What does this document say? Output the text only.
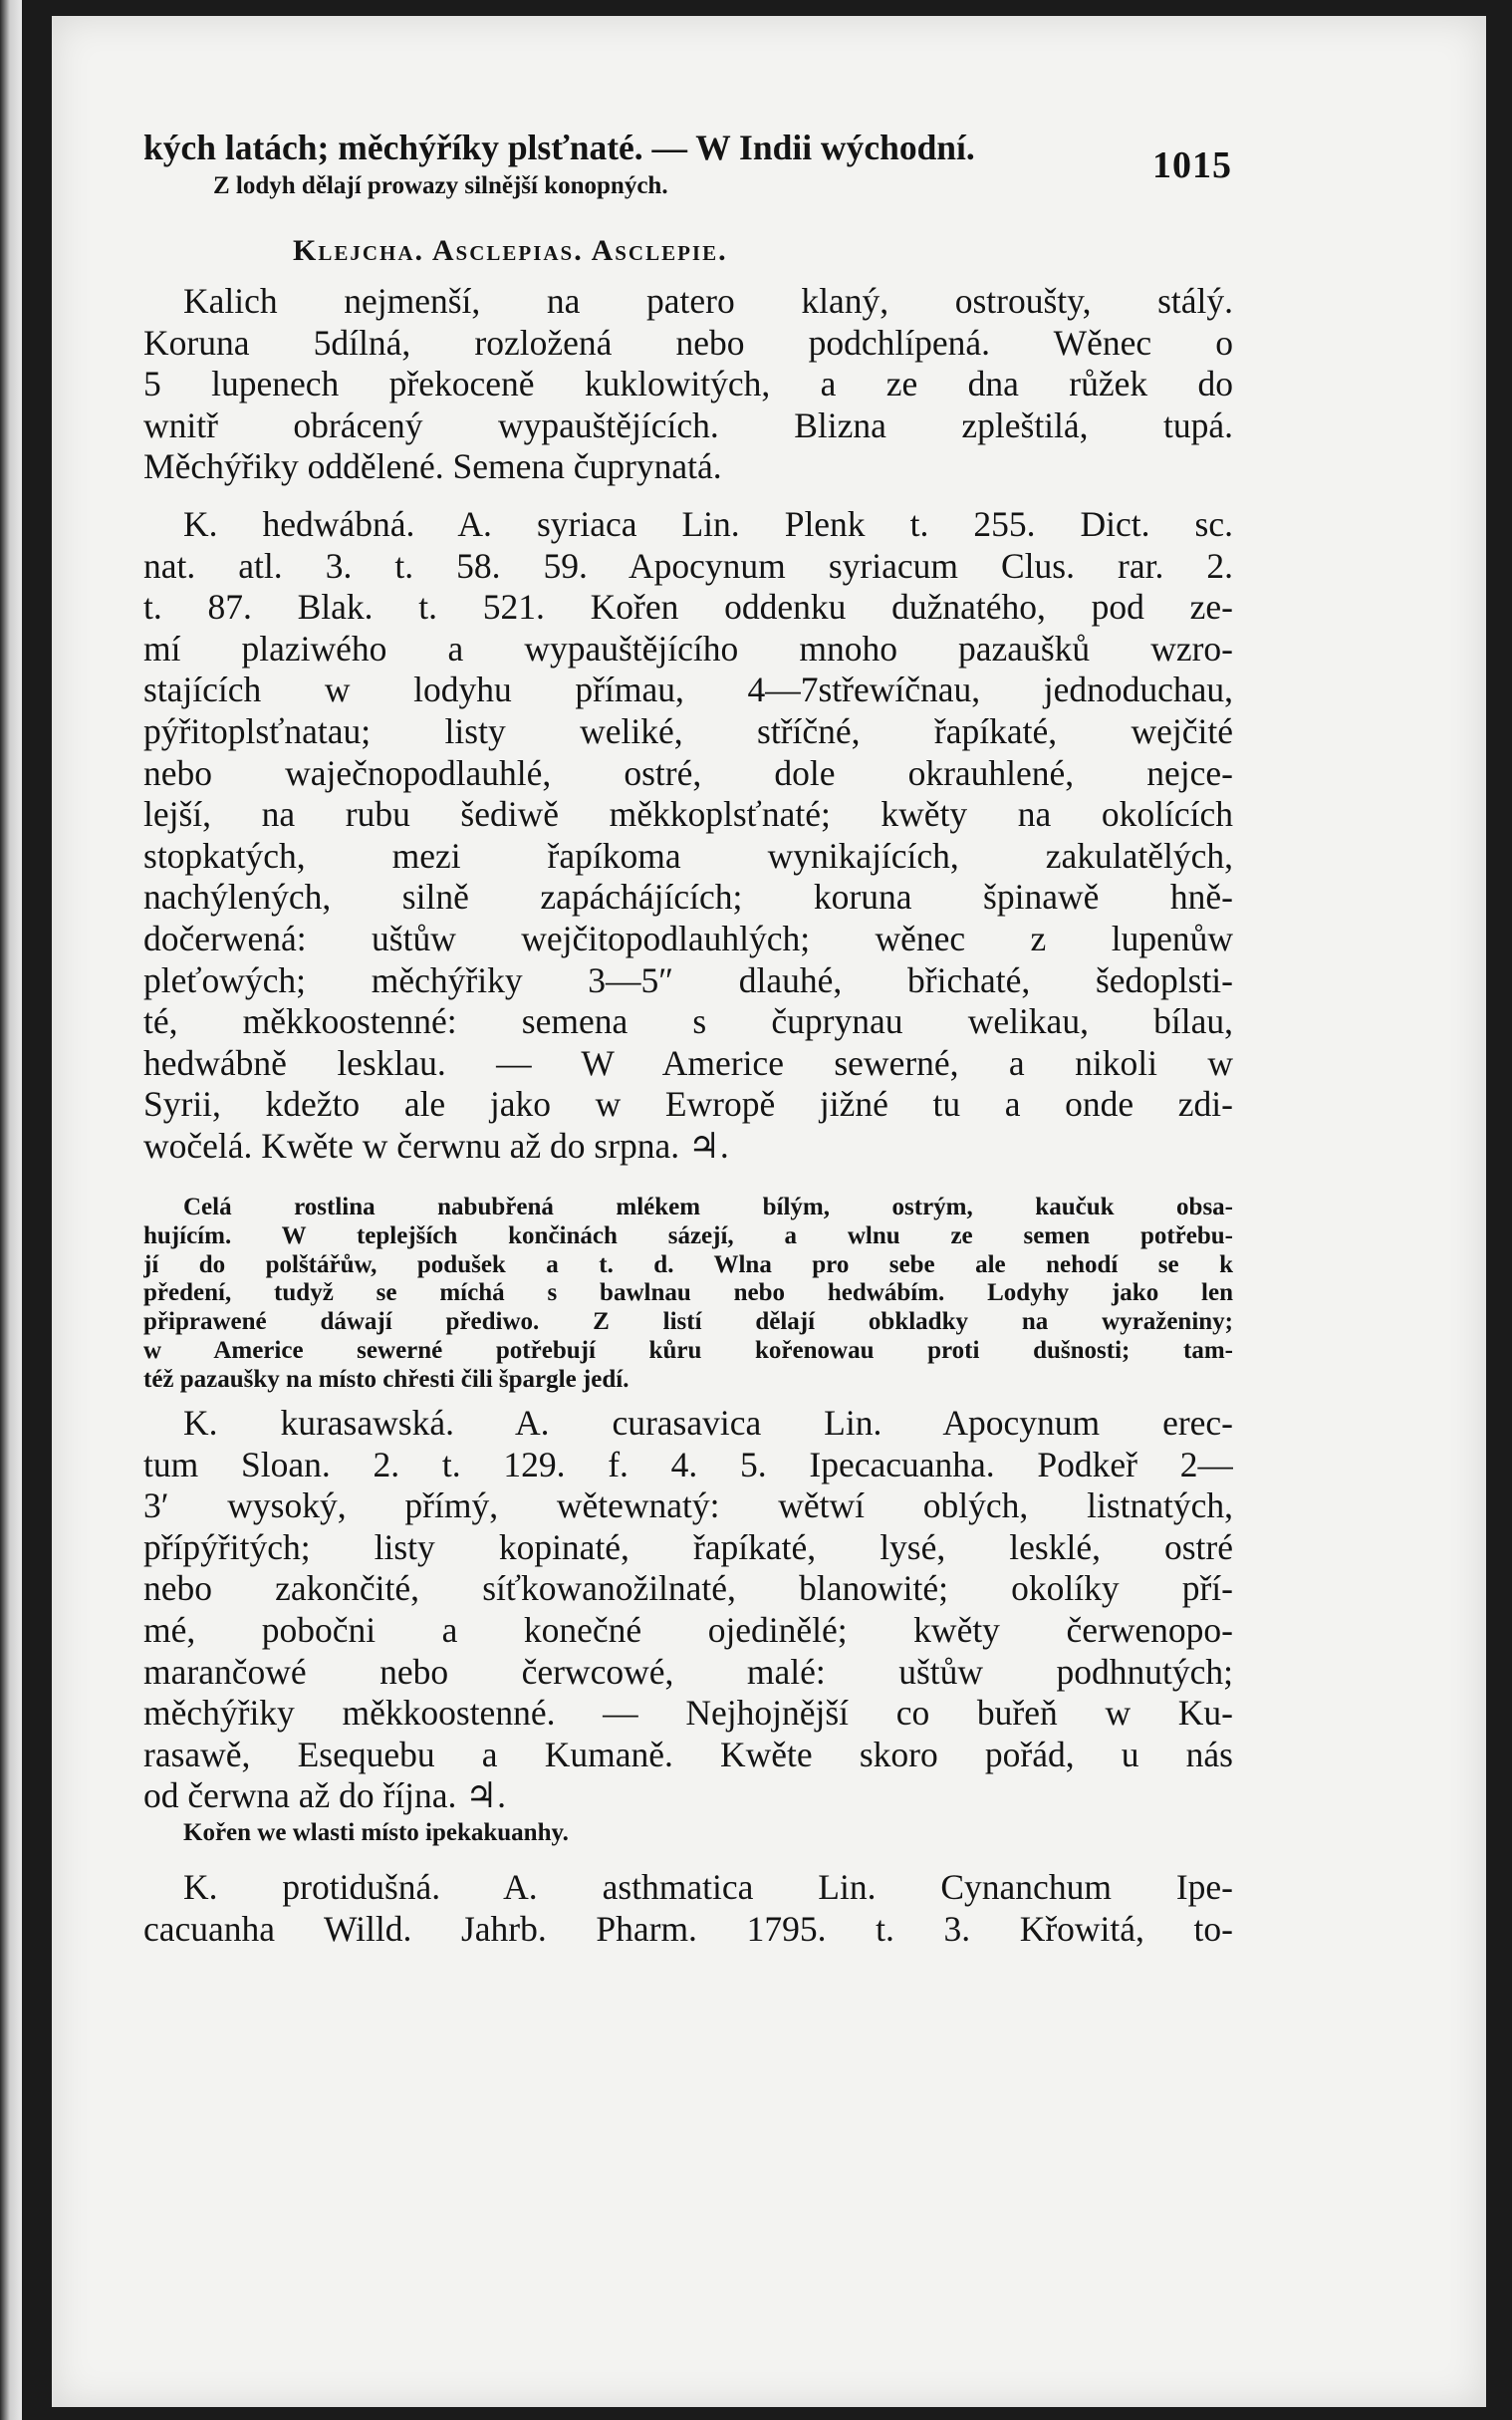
1015
kých latách; měchýříky plsťnaté. — W Indii wýchodní.
Z lodyh dělají prowazy silnější konopných.
Klejcha. Asclepias. Asclepie.
Kalich nejmenší, na patero klaný, ostroušty, stálý.
Koruna 5dílná, rozložená nebo podchlípená. Wěnec o
5 lupenech překoceně kuklowitých, a ze dna růžek do
wnitř obrácený wypauštějících. Blizna zpleštilá, tupá.
Měchýřiky oddělené. Semena čuprynatá.
K. hedwábná. A. syriaca Lin. Plenk t. 255. Dict. sc.
nat. atl. 3. t. 58. 59. Apocynum syriacum Clus. rar. 2.
t. 87. Blak. t. 521. Kořen oddenku dužnatého, pod ze-
mí plaziwého a wypauštějícího mnoho pazaušků wzro-
stajících w lodyhu přímau, 4—7střewíčnau, jednoduchau,
pýřitoplsťnatau; listy weliké, stříčné, řapíkaté, wejčité
nebo waječnopodlauhlé, ostré, dole okrauhlené, nejce-
lejší, na rubu šediwě měkkoplsťnaté; kwěty na okolících
stopkatých, mezi řapíkoma wynikajících, zakulatělých,
nachýlených, silně zapáchájících; koruna špinawě hně-
dočerwená: uštůw wejčitopodlauhlých; wěnec z lupenůw
pleťowých; měchýřiky 3—5″ dlauhé, břichaté, šedoplsti-
té, měkkoostenné: semena s čuprynau welikau, bílau,
hedwábně lesklau. — W Americe sewerné, a nikoli w
Syrii, kdežto ale jako w Ewropě jižné tu a onde zdi-
wočelá. Kwěte w čerwnu až do srpna. ♃.
Celá rostlina nabubřená mlékem bílým, ostrým, kaučuk obsa-
hujícím. W teplejších končinách sázejí, a wlnu ze semen potřebu-
jí do polštářůw, podušek a t. d. Wlna pro sebe ale nehodí se k
předení, tudyž se míchá s bawlnau nebo hedwábím. Lodyhy jako len
připrawené dáwají přediwo. Z listí dělají obkladky na wyraženiny;
w Americe sewerné potřebují kůru kořenowau proti dušnosti; tam-
též pazaušky na místo chřesti čili špargle jedí.
K. kurasawská. A. curasavica Lin. Apocynum erec-
tum Sloan. 2. t. 129. f. 4. 5. Ipecacuanha. Podkeř 2—
3′ wysoký, přímý, wětewnatý: wětwí oblých, listnatých,
přípýřitých; listy kopinaté, řapíkaté, lysé, lesklé, ostré
nebo zakončité, síťkowanožilnaté, blanowité; okolíky pří-
mé, pobočni a konečné ojedinělé; kwěty čerwenopo-
marančowé nebo čerwcowé, malé: uštůw podhnutých;
měchýřiky měkkoostenné. — Nejhojnější co buřeň w Ku-
rasawě, Esequebu a Kumaně. Kwěte skoro pořád, u nás
od čerwna až do října. ♃.
Kořen we wlasti místo ipekakuanhy.
K. protidušná. A. asthmatica Lin. Cynanchum Ipe-
cacuanha Willd. Jahrb. Pharm. 1795. t. 3. Křowitá, to-
